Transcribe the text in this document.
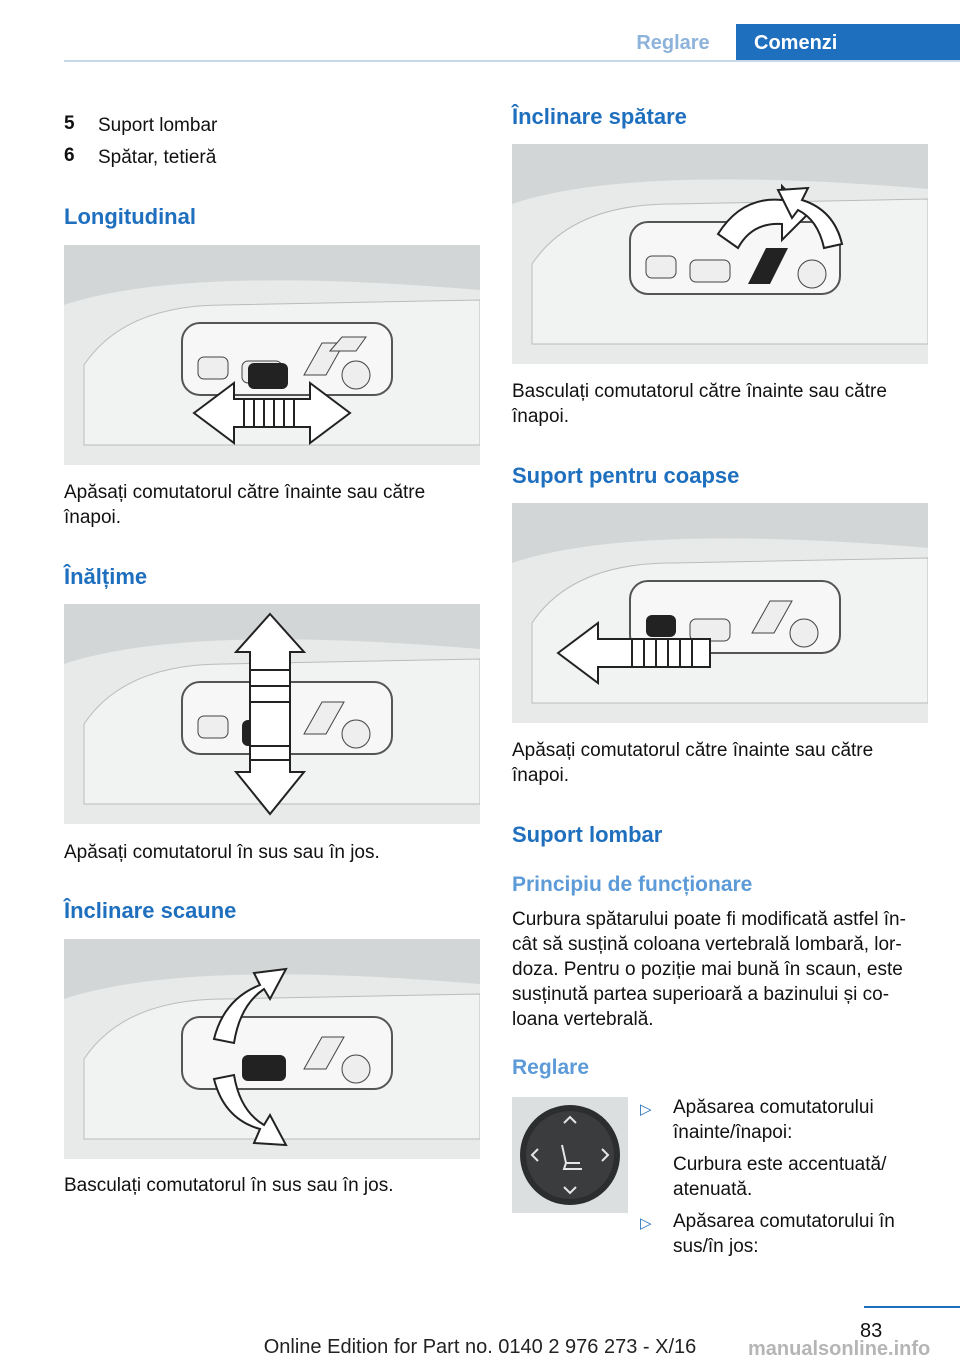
Reglare	Comenzi
5 Suport lombar
6 Spătar, tetieră
Longitudinal
Apăsați comutatorul către înainte sau către
înapoi.
Înălțime
Apăsați comutatorul în sus sau în jos.
Înclinare scaune
Basculați comutatorul în sus sau în jos.
Înclinare spătare
Basculați comutatorul către înainte sau către
înapoi.
Suport pentru coapse
Apăsați comutatorul către înainte sau către
înapoi.
Suport lombar
Principiu de funcționare
Curbura spătarului poate fi modificată astfel în-
cât să susțină coloana vertebrală lombară, lor-
doza. Pentru o poziție mai bună în scaun, este
susținută partea superioară a bazinului și co-
loana vertebrală.
Reglare
▷ Apăsarea comutatorului
înainte/înapoi:
Curbura este accentuată/
atenuată.
▷ Apăsarea comutatorului în
sus/în jos:
83
Online Edition for Part no. 0140 2 976 273 - X/16	manualsonline.info
